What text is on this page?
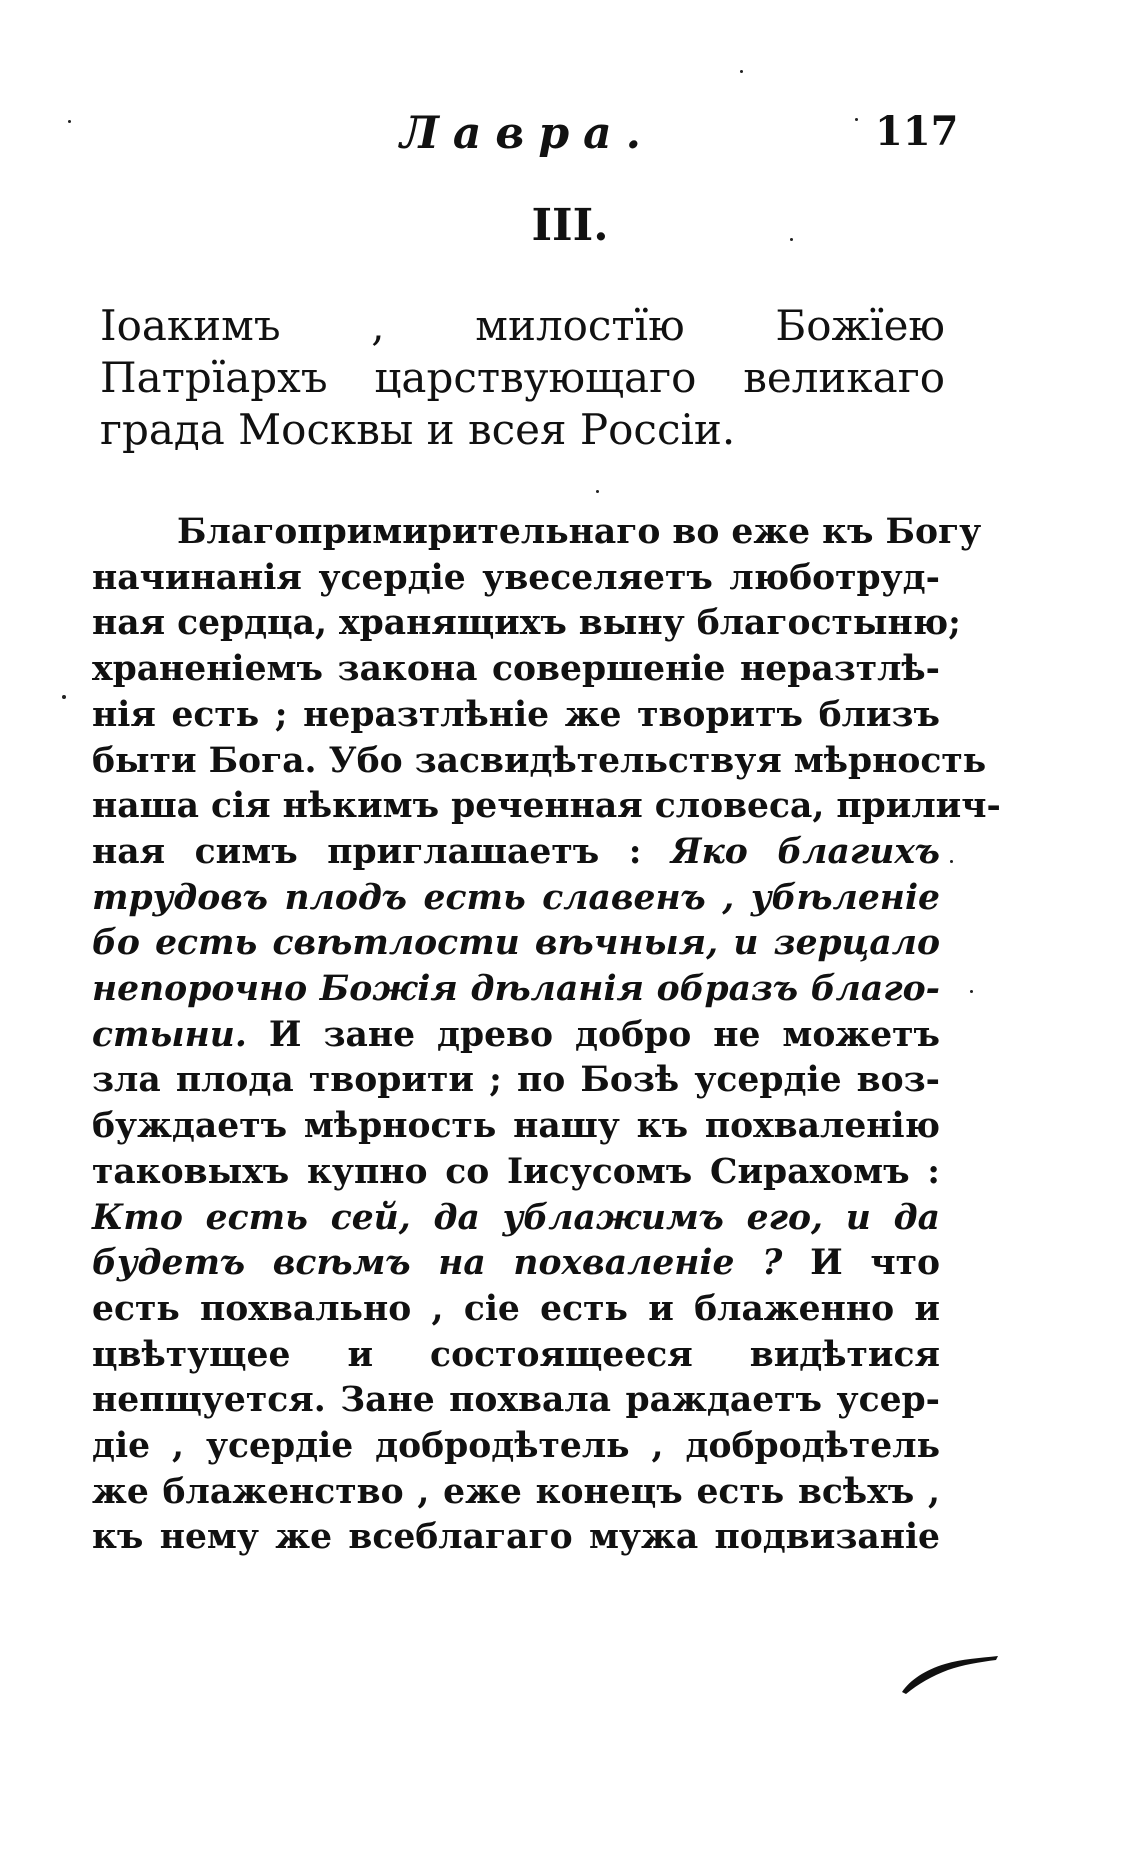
Лавра.	117
III.
Іоакимъ , милостїю Божїею
Патрїархъ царствующаго великаго
града Москвы и всея Россіи.
Благопримирительнаго во еже къ Богу
начинанія усердіе увеселяетъ люботруд-
ная сердца, хранящихъ выну благостыню;
храненіемъ закона совершеніе неразтлѣ-
нія есть ; неразтлѣніе же творитъ близъ
быти Бога. Убо засвидѣтельствуя мѣрность
наша сія нѣкимъ реченная словеса, прилич-
ная симъ приглашаетъ : Яко благихъ
трудовъ плодъ есть славенъ , убѣленіе
бо есть свѣтлости вѣчныя, и зерцало
непорочно Божія дѣланія образъ благо-
стыни. И зане древо добро не можетъ
зла плода творити ; по Бозѣ усердіе воз-
буждаетъ мѣрность нашу къ похваленію
таковыхъ купно со Іисусомъ Сирахомъ :
Кто есть сей, да ублажимъ его, и да
будетъ всѣмъ на похваленіе ? И что
есть похвально , сіе есть и блаженно и
цвѣтущее и состоящееся видѣтися
непщуется. Зане похвала раждаетъ усер-
діе , усердіе добродѣтель , добродѣтель
же блаженство , еже конецъ есть всѣхъ ,
къ нему же всеблагаго мужа подвизаніе
